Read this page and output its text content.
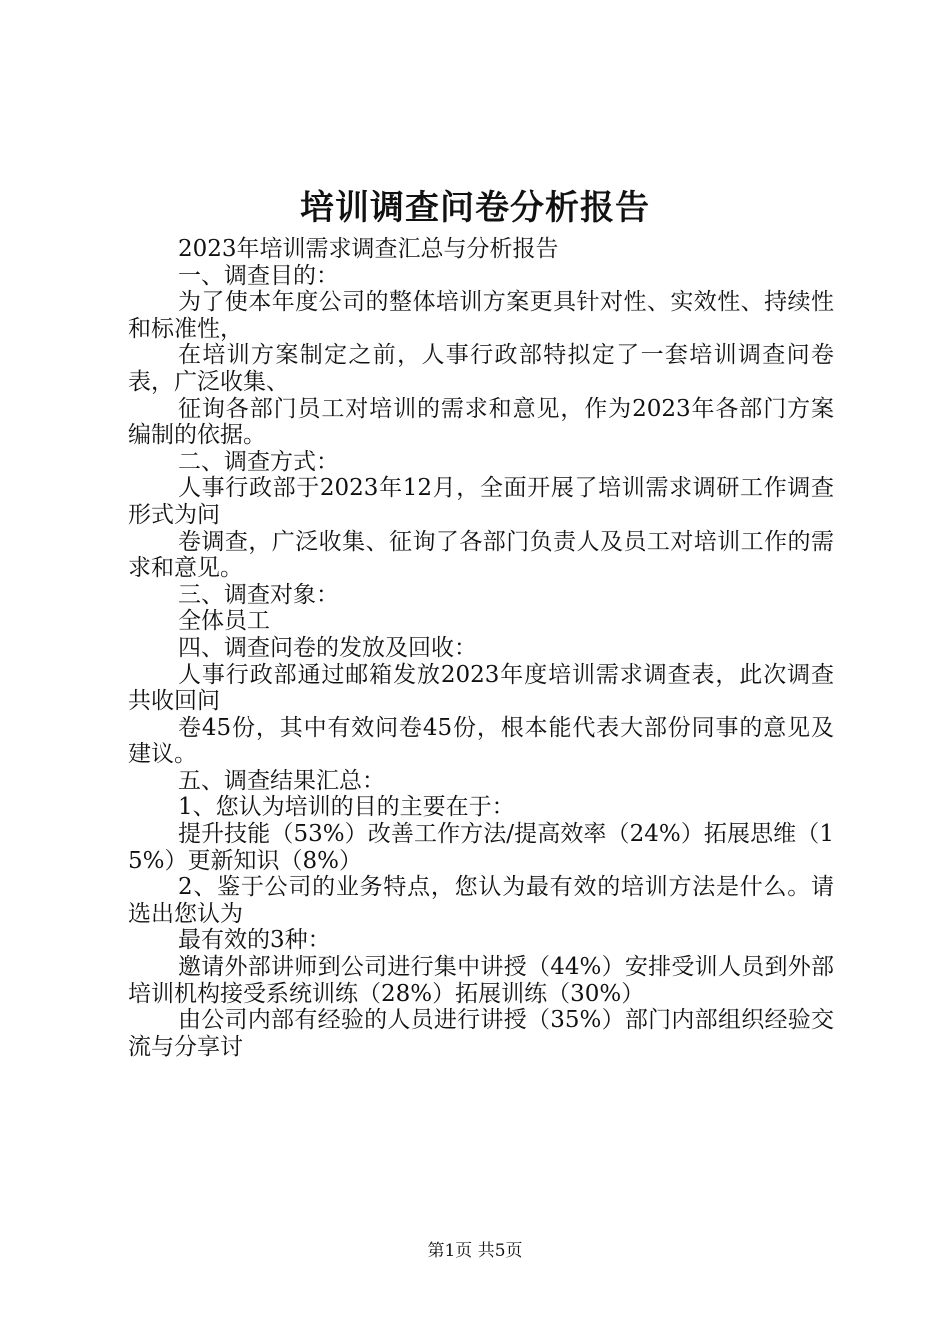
培训调查问卷分析报告

2023年培训需求调查汇总与分析报告

一、调查目的：

为了使本年度公司的整体培训方案更具针对性、实效性、持续性和标准性，

在培训方案制定之前，人事行政部特拟定了一套培训调查问卷表，广泛收集、

征询各部门员工对培训的需求和意见，作为2023年各部门方案编制的依据。

二、调查方式：

人事行政部于2023年12月，全面开展了培训需求调研工作调查形式为问

卷调查，广泛收集、征询了各部门负责人及员工对培训工作的需求和意见。

三、调查对象：

全体员工

四、调查问卷的发放及回收：

人事行政部通过邮箱发放2023年度培训需求调查表，此次调查共收回问

卷45份，其中有效问卷45份，根本能代表大部份同事的意见及建议。

五、调查结果汇总：

1、您认为培训的目的主要在于：

提升技能（53%）改善工作方法/提高效率（24%）拓展思维（15%）更新知识（8%）

2、鉴于公司的业务特点，您认为最有效的培训方法是什么。请选出您认为

最有效的3种：

邀请外部讲师到公司进行集中讲授（44%）安排受训人员到外部培训机构接受系统训练（28%）拓展训练（30%）

由公司内部有经验的人员进行讲授（35%）部门内部组织经验交流与分享讨

第1页 共5页
